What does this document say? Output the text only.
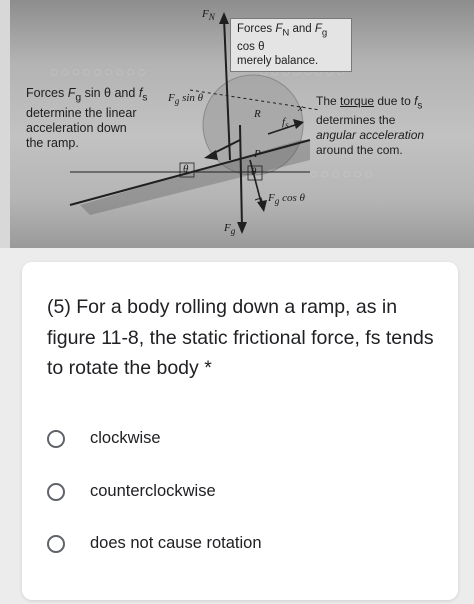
◌ ◌ ◌ ◌ ◌ ◌ ◌ ◌ ◌
◌ ◌ ◌ ◌ ◌ ◌
Forces $F_N$ and $F_g$ cos θ
merely balance.
Forces $F_g$ sin θ and $f_s$
determine the linear
acceleration down
the ramp.
The torque due to $f_s$
determines the
angular acceleration
around the com.
$F_N$
$F_g$ sin θ
$F_g$ cos θ
$F_g$
$f_s$
R
P
x
θ	θ
(5) For a body rolling down a ramp, as in figure 11-8, the static frictional force, fs tends to rotate the body *
clockwise
counterclockwise
does not cause rotation
